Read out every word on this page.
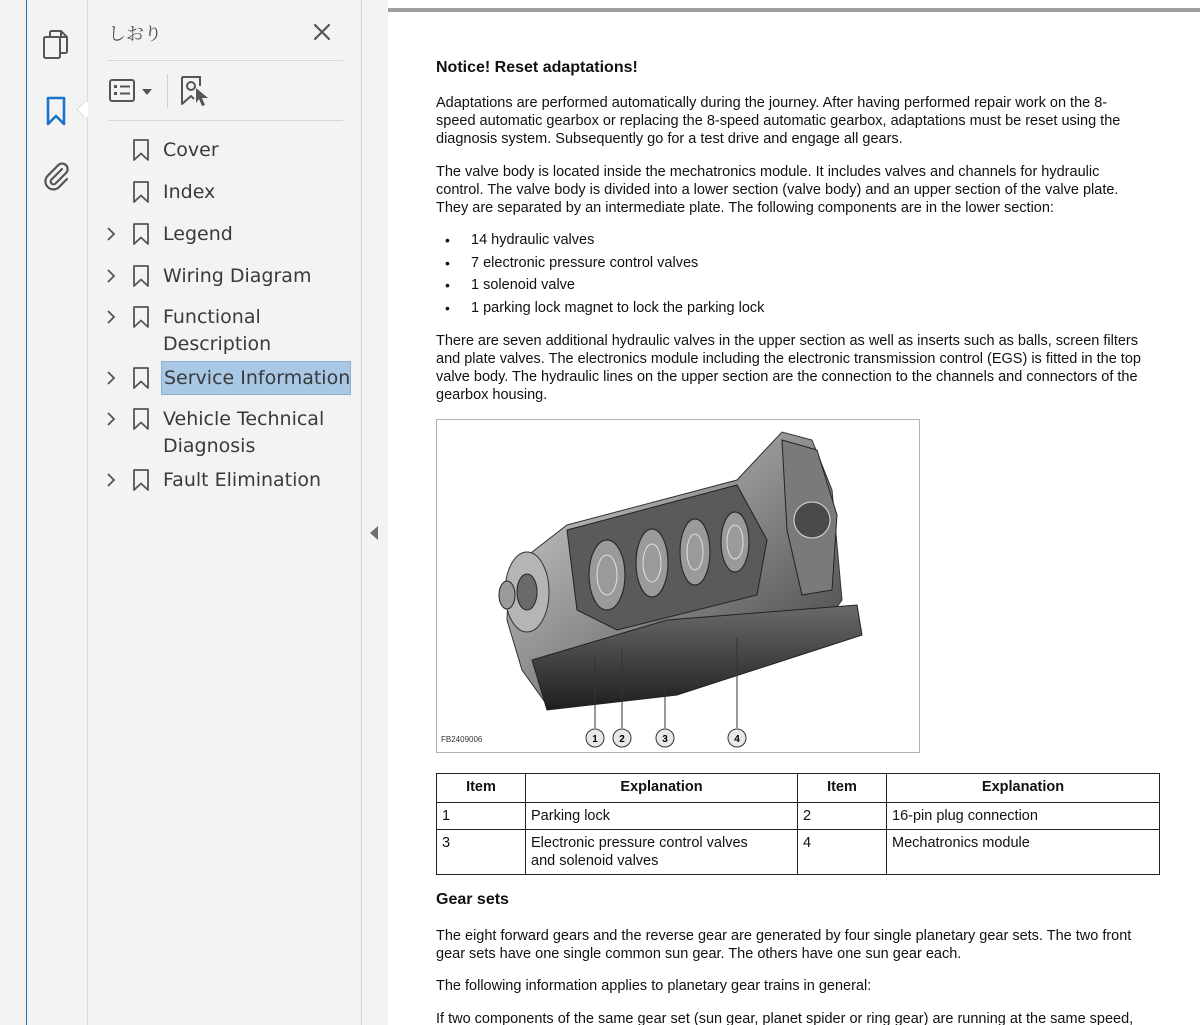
しおり
Cover
Index
Legend
Wiring Diagram
Functional
Description
Service Information
Vehicle Technical
Diagnosis
Fault Elimination
Notice! Reset adaptations!
Adaptations are performed automatically during the journey. After having performed repair work on the 8-
speed automatic gearbox or replacing the 8-speed automatic gearbox, adaptations must be reset using the
diagnosis system. Subsequently go for a test drive and engage all gears.
The valve body is located inside the mechatronics module. It includes valves and channels for hydraulic
control. The valve body is divided into a lower section (valve body) and an upper section of the valve plate.
They are separated by an intermediate plate. The following components are in the lower section:
• 14 hydraulic valves
• 7 electronic pressure control valves
• 1 solenoid valve
• 1 parking lock magnet to lock the parking lock
There are seven additional hydraulic valves in the upper section as well as inserts such as balls, screen filters
and plate valves. The electronics module including the electronic transmission control (EGS) is fitted in the top
valve body. The hydraulic lines on the upper section are the connection to the channels and connectors of the
gearbox housing.
1 2	3	4
FB2409006
Item	Explanation	Item	Explanation
1	Parking lock	2	16-pin plug connection
3	Electronic pressure control valves
and solenoid valves	4	Mechatronics module
Gear sets
The eight forward gears and the reverse gear are generated by four single planetary gear sets. The two front
gear sets have one single common sun gear. The others have one sun gear each.
The following information applies to planetary gear trains in general:
If two components of the same gear set (sun gear, planet spider or ring gear) are running at the same speed,
